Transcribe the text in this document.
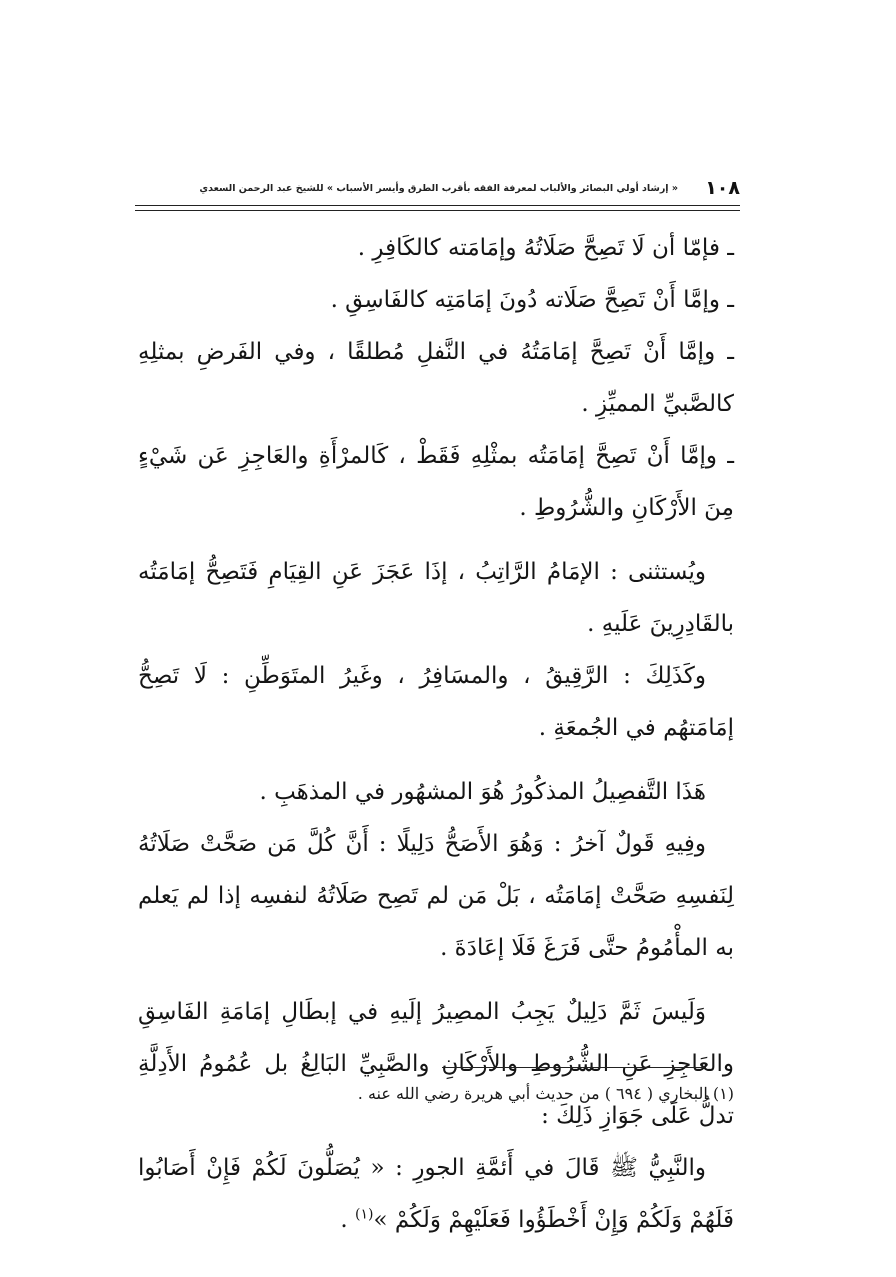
١٠٨
« إرشاد أولي البصائر والألباب لمعرفة الفقه بأقرب الطرق وأيسر الأسباب » للشيخ عبد الرحمن السعدي

ـ فإمّا أن لَا تَصِحَّ صَلَاتُهُ وإمَامَته كالكَافِرِ .

ـ وإمَّا أَنْ تَصِحَّ صَلَاته دُونَ إمَامَتِه كالفَاسِقِ .

ـ وإمَّا أَنْ تَصِحَّ إمَامَتُهُ في النَّفلِ مُطلقًا ، وفي الفَرضِ بمثلِهِ كالصَّبيِّ المميِّزِ .

ـ وإمَّا أَنْ تَصِحَّ إمَامَتُه بمثْلِهِ فَقَطْ ، كَالمرْأَةِ والعَاجِزِ عَن شَيْءٍ مِنَ الأَرْكَانِ والشُّرُوطِ .

ويُستثنى : الإمَامُ الرَّاتِبُ ، إذَا عَجَزَ عَنِ القِيَامِ فَتَصِحُّ إمَامَتُه بالقَادِرِينَ عَلَيهِ .

وكَذَلِكَ : الرَّقِيقُ ، والمسَافِرُ ، وغَيرُ المتَوَطِّنِ : لَا تَصِحُّ إمَامَتهُم في الجُمعَةِ .

هَذَا التَّفصِيلُ المذكُورُ هُوَ المشهُور في المذهَبِ .

وفِيهِ قَولٌ آخرُ : وَهُوَ الأَصَحُّ دَلِيلًا : أَنَّ كُلَّ مَن صَحَّتْ صَلَاتُهُ لِنَفسِهِ صَحَّتْ إمَامَتُه ، بَلْ مَن لم تَصِح صَلَاتُهُ لنفسِه إذا لم يَعلم به المأْمُومُ حتَّى فَرَغَ فَلَا إعَادَةَ .

وَلَيسَ ثَمَّ دَلِيلٌ يَجِبُ المصِيرُ إلَيهِ في إبطَالِ إمَامَةِ الفَاسِقِ والعَاجِزِ عَنِ الشُّرُوطِ والأَرْكَانِ والصَّبِيِّ البَالِغُ بل عُمُومُ الأَدِلَّةِ تدلُّ عَلَى جَوَازِ ذَلِكَ :

والنَّبِيُّ ﷺ قَالَ في أَئمَّةِ الجورِ : « يُصَلُّونَ لَكُمْ فَإِنْ أَصَابُوا فَلَهُمْ وَلَكُمْ وَإِنْ أَخْطَؤُوا فَعَلَيْهِمْ وَلَكُمْ »$^{(١)}$ .

(١) البخاري ( ٦٩٤ ) من حديث أبي هريرة رضي الله عنه .
